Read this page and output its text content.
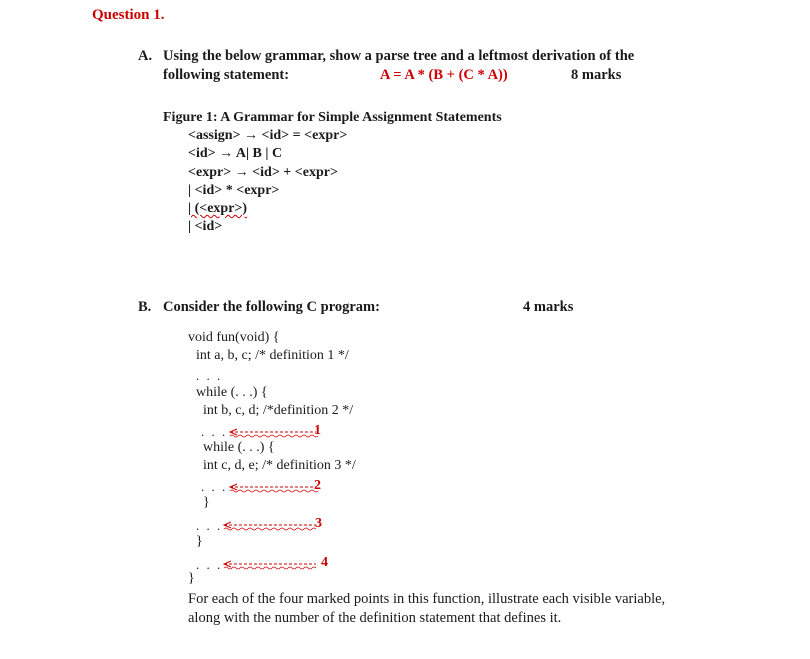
Question 1.
A. Using the below grammar, show a parse tree and a leftmost derivation of the
following statement:	A = A * (B + (C * A))	8 marks
Figure 1: A Grammar for Simple Assignment Statements
<assign> → <id> = <expr>
<id> → A| B | C
<expr> → <id> + <expr>
| <id> * <expr>
| (<expr>)
| <id>
B. Consider the following C program:	4 marks
void fun(void) {
int a, b, c; /* definition 1 */
. . .
while (. . .) {
int b, c, d; /*definition 2 */
. . .	1
while (. . .) {
int c, d, e; /* definition 3 */
. . .	2
}
. . .	3
}
. . .	4
}
For each of the four marked points in this function, illustrate each visible variable,
along with the number of the definition statement that defines it.
